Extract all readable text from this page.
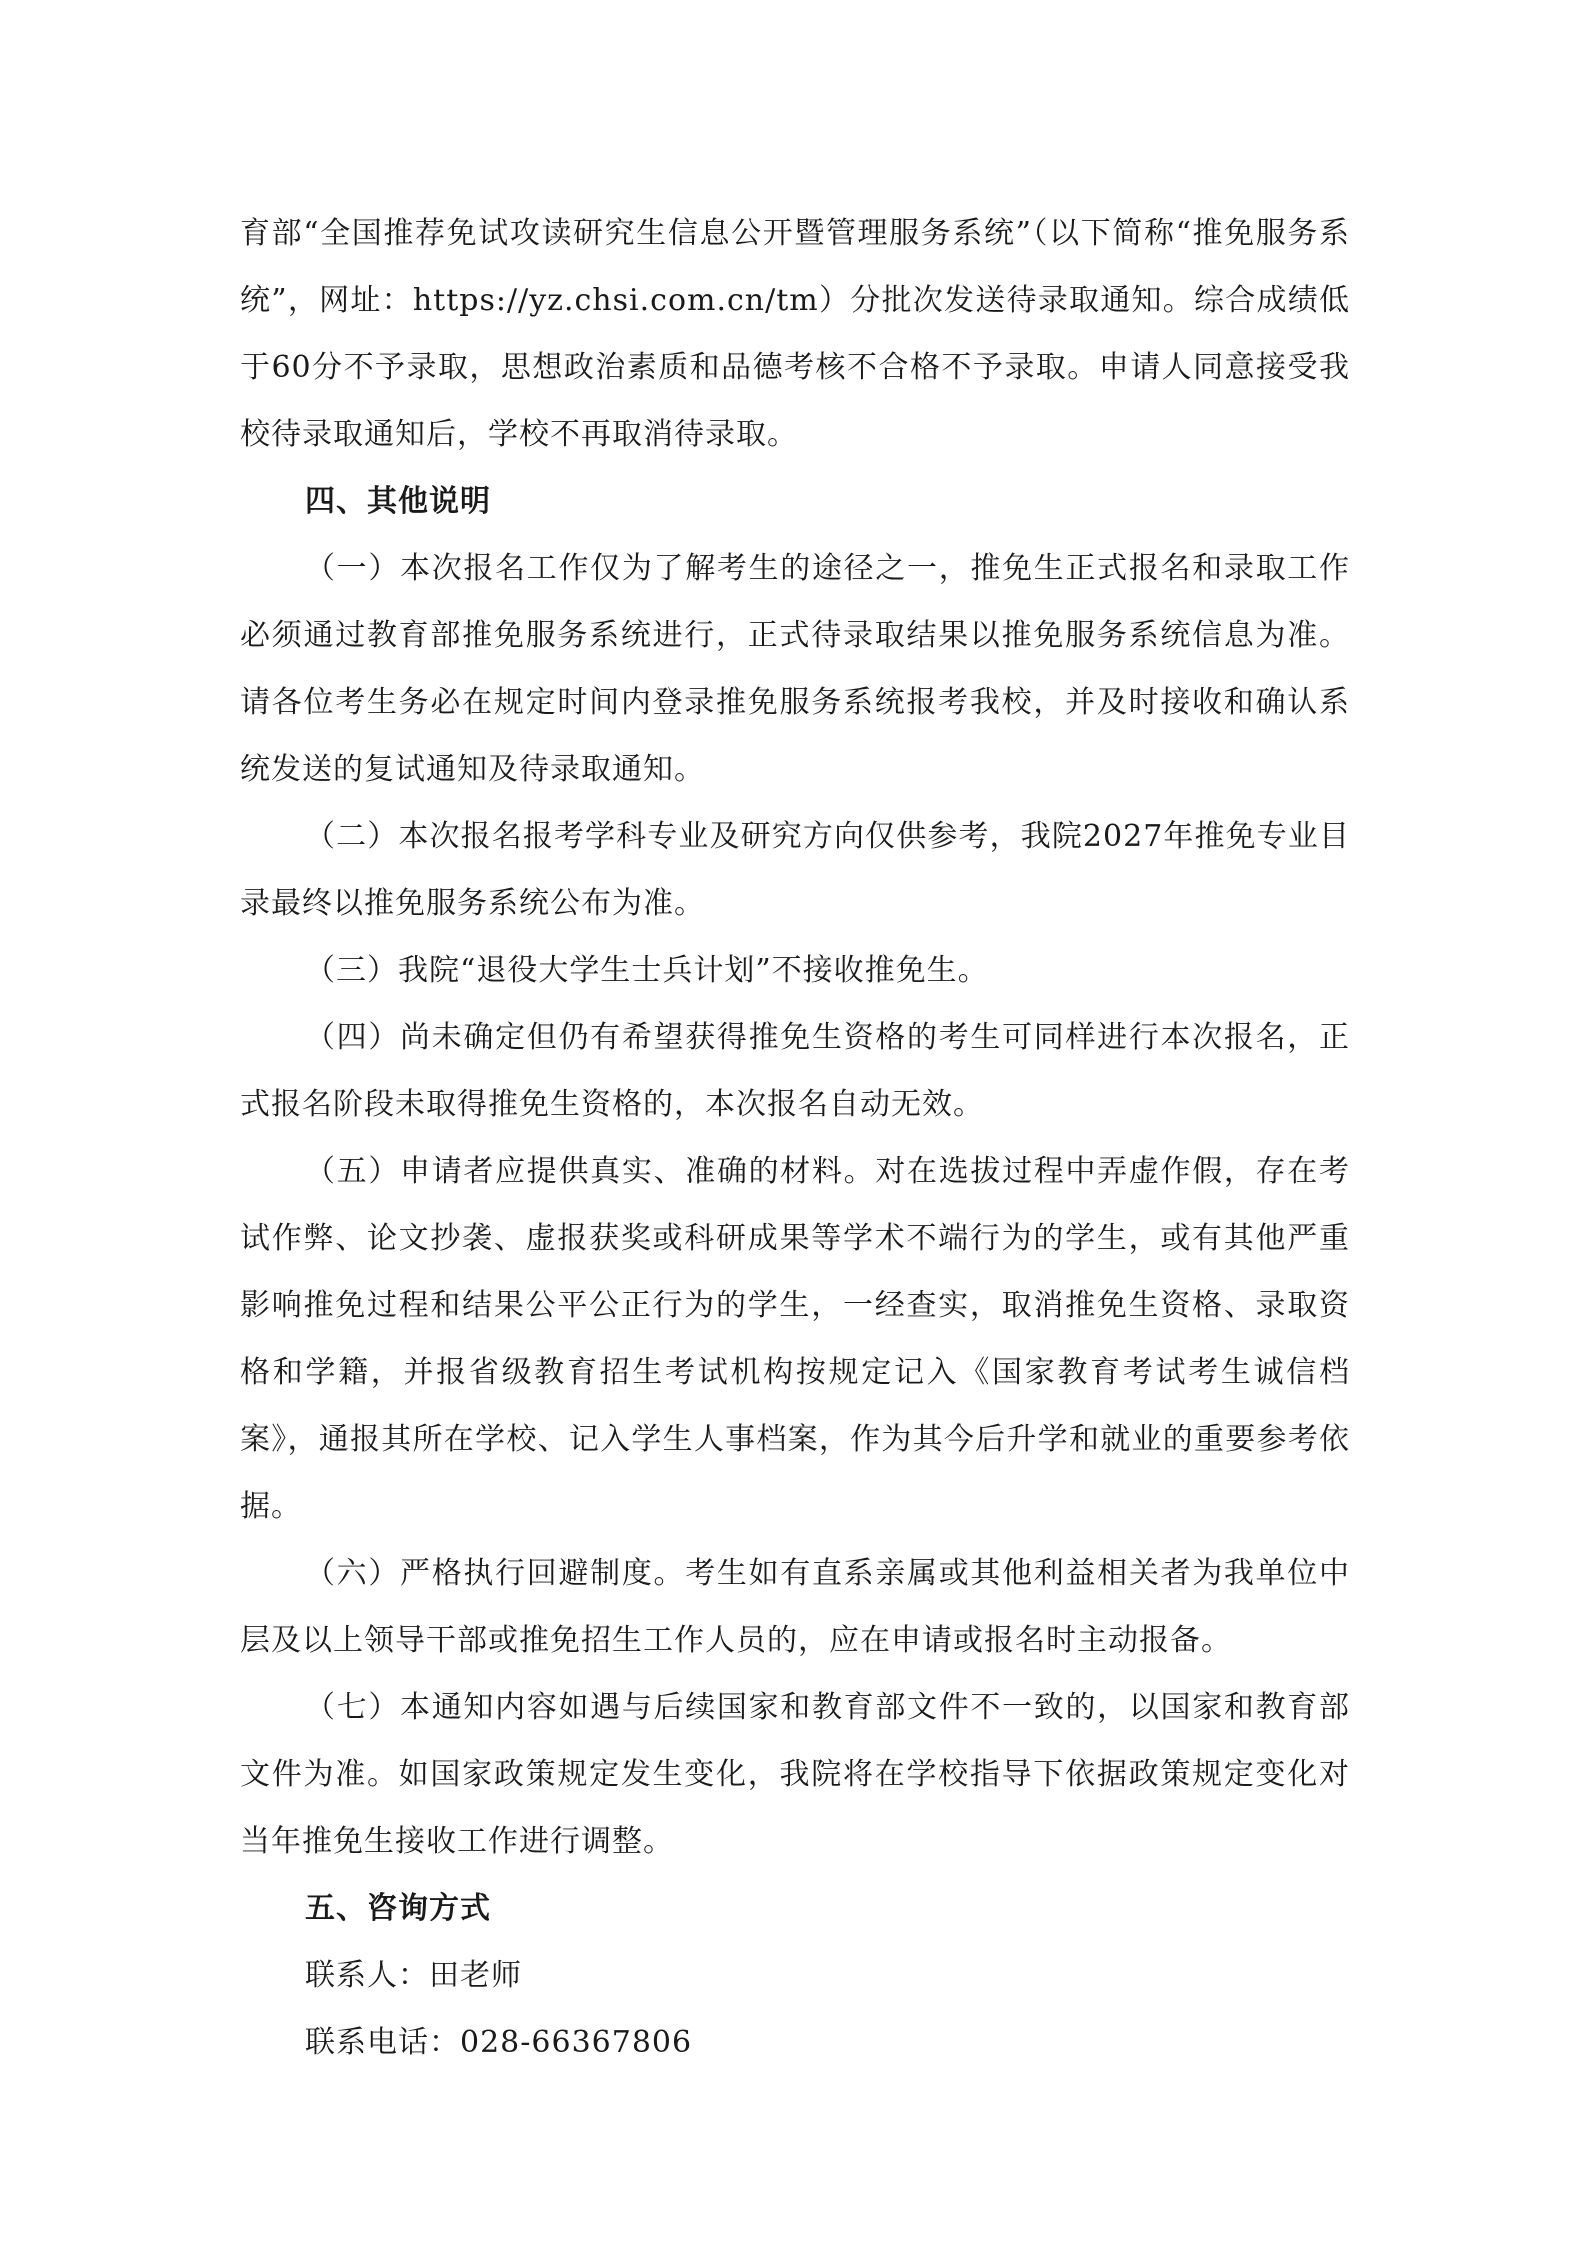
育部“全国推荐免试攻读研究生信息公开暨管理服务系统”（以下简称“推免服务系统”，网址：https://yz.chsi.com.cn/tm）分批次发送待录取通知。综合成绩低于60分不予录取，思想政治素质和品德考核不合格不予录取。申请人同意接受我校待录取通知后，学校不再取消待录取。

四、其他说明

（一）本次报名工作仅为了解考生的途径之一，推免生正式报名和录取工作必须通过教育部推免服务系统进行，正式待录取结果以推免服务系统信息为准。请各位考生务必在规定时间内登录推免服务系统报考我校，并及时接收和确认系统发送的复试通知及待录取通知。

（二）本次报名报考学科专业及研究方向仅供参考，我院2027年推免专业目录最终以推免服务系统公布为准。

（三）我院“退役大学生士兵计划”不接收推免生。

（四）尚未确定但仍有希望获得推免生资格的考生可同样进行本次报名，正式报名阶段未取得推免生资格的，本次报名自动无效。

（五）申请者应提供真实、准确的材料。对在选拔过程中弄虚作假，存在考试作弊、论文抄袭、虚报获奖或科研成果等学术不端行为的学生，或有其他严重影响推免过程和结果公平公正行为的学生，一经查实，取消推免生资格、录取资格和学籍，并报省级教育招生考试机构按规定记入《国家教育考试考生诚信档案》，通报其所在学校、记入学生人事档案，作为其今后升学和就业的重要参考依据。

（六）严格执行回避制度。考生如有直系亲属或其他利益相关者为我单位中层及以上领导干部或推免招生工作人员的，应在申请或报名时主动报备。

（七）本通知内容如遇与后续国家和教育部文件不一致的，以国家和教育部文件为准。如国家政策规定发生变化，我院将在学校指导下依据政策规定变化对当年推免生接收工作进行调整。

五、咨询方式

联系人：田老师

联系电话：028-66367806
